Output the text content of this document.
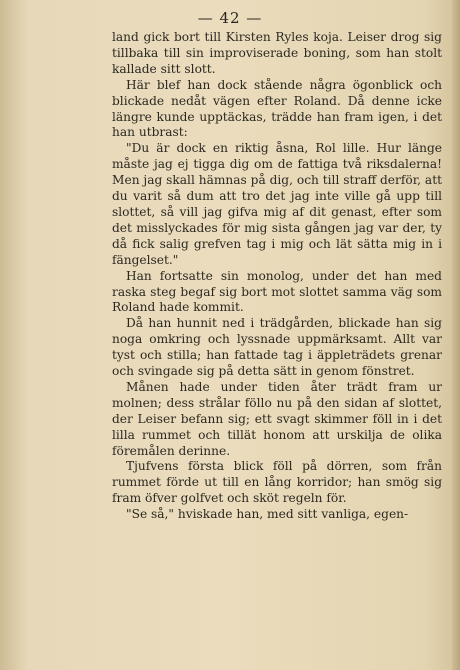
— 42 —

land gick bort till Kirsten Ryles koja. Leiser drog sig tillbaka till sin improviserade boning, som han stolt kallade sitt slott.

Här blef han dock stående några ögonblick och blickade nedåt vägen efter Roland. Då denne icke längre kunde upptäckas, trädde han fram igen, i det han utbrast:

"Du är dock en riktig åsna, Rol lille. Hur länge måste jag ej tigga dig om de fattiga två riksdalerna! Men jag skall hämnas på dig, och till straff derför, att du varit så dum att tro det jag inte ville gå upp till slottet, så vill jag gifva mig af dit genast, efter som det misslyckades för mig sista gången jag var der, ty då fick salig grefven tag i mig och lät sätta mig in i fängelset."

Han fortsatte sin monolog, under det han med raska steg begaf sig bort mot slottet samma väg som Roland hade kommit.

Då han hunnit ned i trädgården, blickade han sig noga omkring och lyssnade uppmärksamt. Allt var tyst och stilla; han fattade tag i äppleträdets grenar och svingade sig på detta sätt in genom fönstret.

Månen hade under tiden åter trädt fram ur molnen; dess strålar föllo nu på den sidan af slottet, der Leiser befann sig; ett svagt skimmer föll in i det lilla rummet och tillät honom att urskilja de olika föremålen derinne.

Tjufvens första blick föll på dörren, som från rummet förde ut till en lång korridor; han smög sig fram öfver golfvet och sköt regeln för.

"Se så," hviskade han, med sitt vanliga, egen-
